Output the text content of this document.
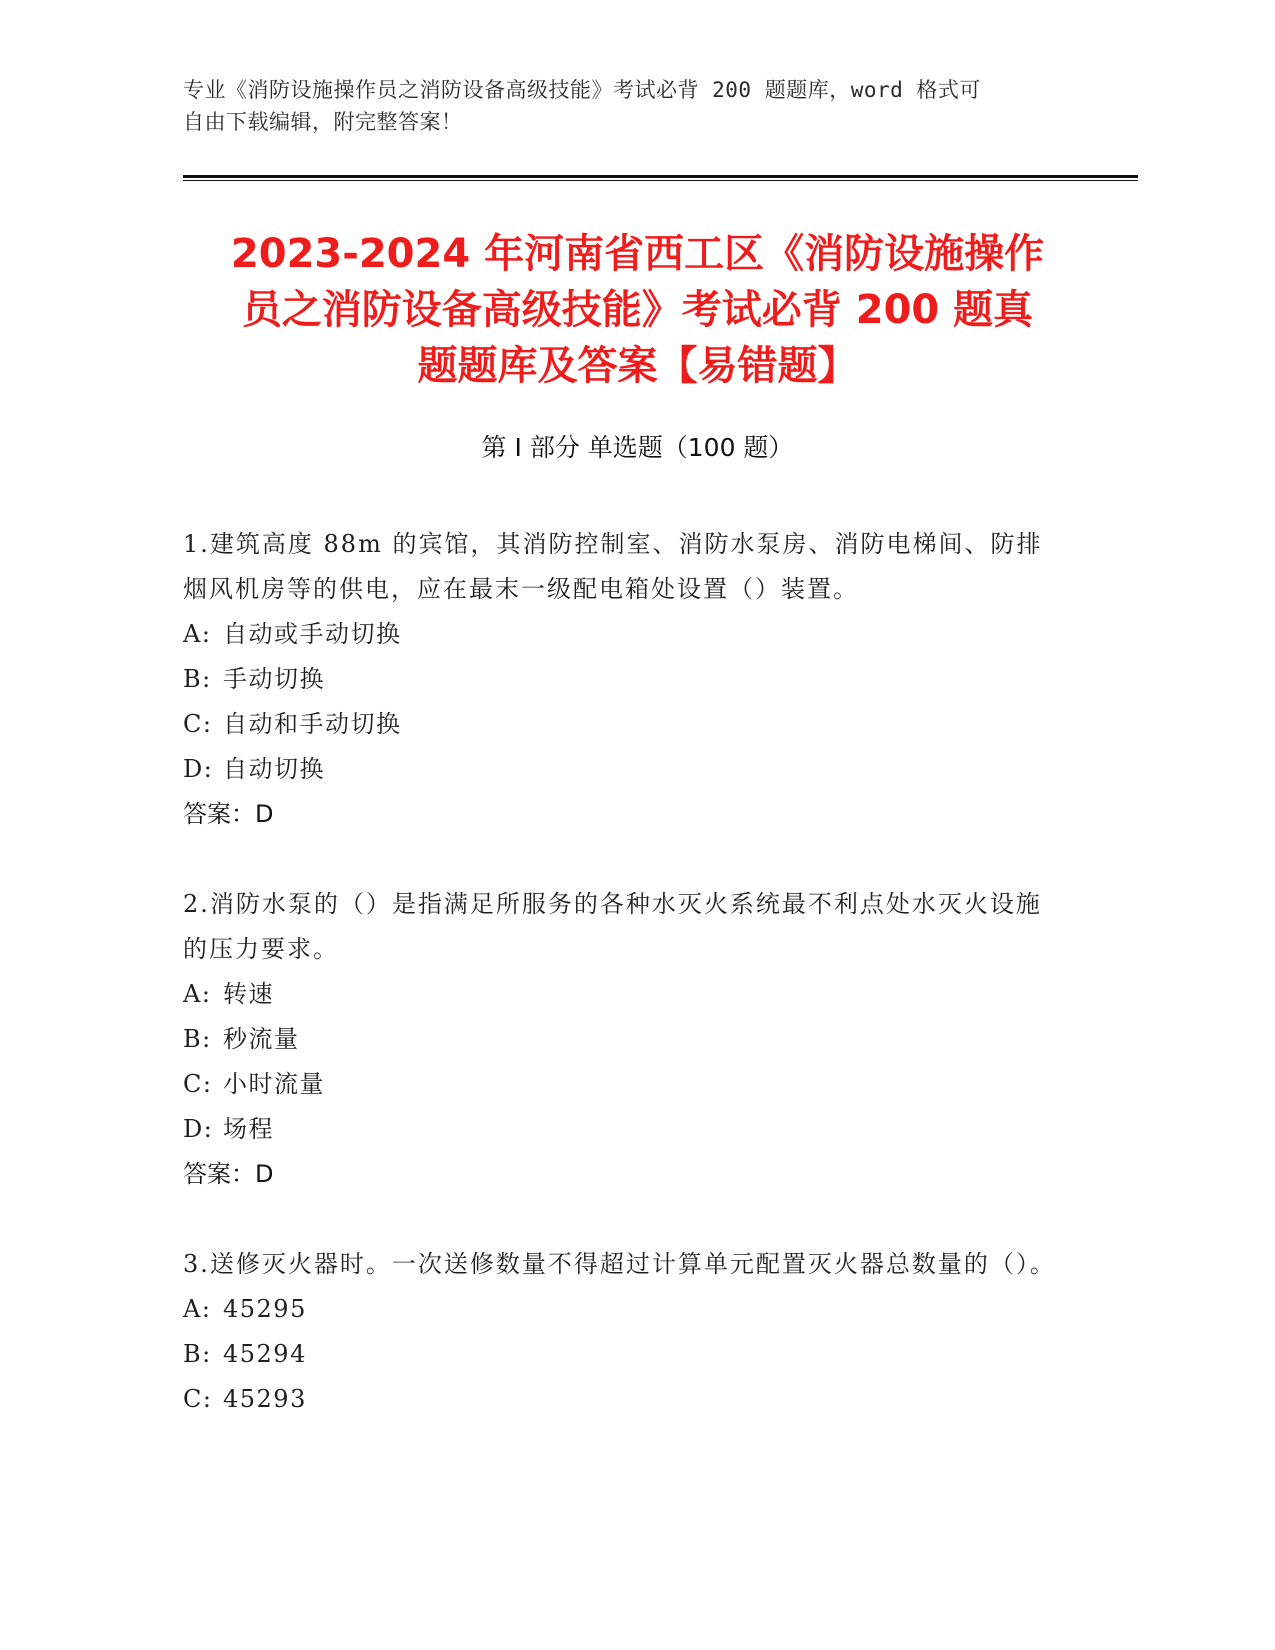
专业《消防设施操作员之消防设备高级技能》考试必背 200 题题库，word 格式可
自由下载编辑，附完整答案！
2023-2024 年河南省西工区《消防设施操作
员之消防设备高级技能》考试必背 200 题真
题题库及答案【易错题】
第 I 部分 单选题（100 题）
1.建筑高度 88m 的宾馆，其消防控制室、消防水泵房、消防电梯间、防排烟风机房等的供电，应在最末一级配电箱处设置（）装置。
A: 自动或手动切换
B: 手动切换
C: 自动和手动切换
D: 自动切换
答案：D
2.消防水泵的（）是指满足所服务的各种水灭火系统最不利点处水灭火设施的压力要求。
A: 转速
B: 秒流量
C: 小时流量
D: 场程
答案：D
3.送修灭火器时。一次送修数量不得超过计算单元配置灭火器总数量的（）。
A: 45295
B: 45294
C: 45293
